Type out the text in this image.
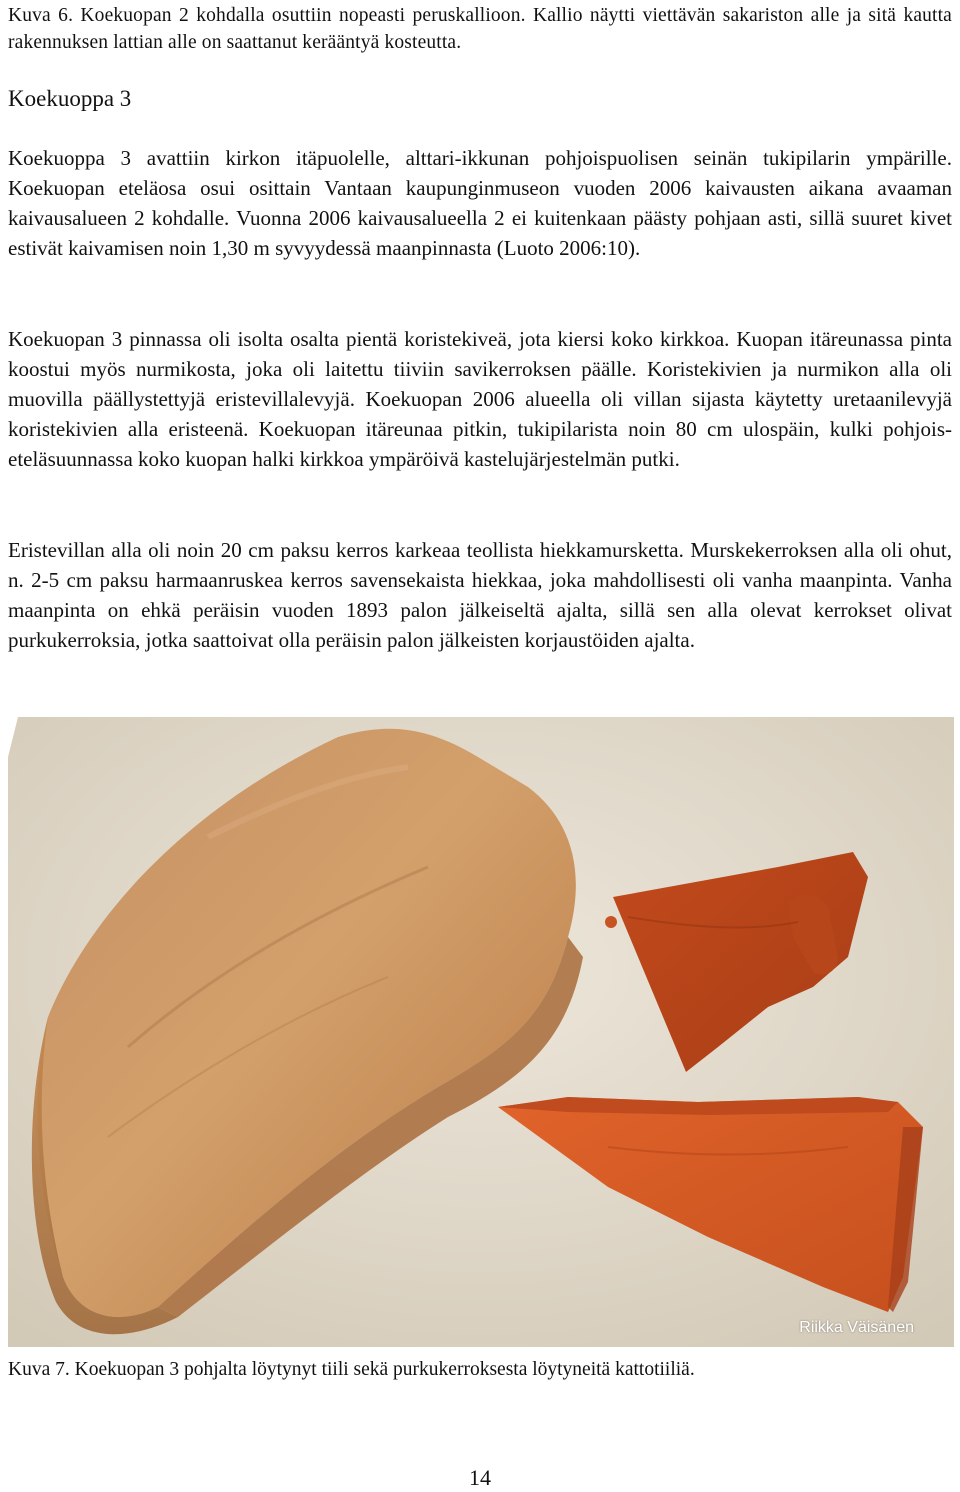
Kuva 6. Koekuopan 2 kohdalla osuttiin nopeasti peruskallioon. Kallio näytti viettävän sakariston alle ja sitä kautta rakennuksen lattian alle on saattanut kerääntyä kosteutta.

Koekuoppa 3

Koekuoppa 3 avattiin kirkon itäpuolelle, alttari-ikkunan pohjoispuolisen seinän tukipilarin ympärille. Koekuopan eteläosa osui osittain Vantaan kaupunginmuseon vuoden 2006 kaivausten aikana avaaman kaivausalueen 2 kohdalle. Vuonna 2006 kaivausalueella 2 ei kuitenkaan päästy pohjaan asti, sillä suuret kivet estivät kaivamisen noin 1,30 m syvyydessä maanpinnasta (Luoto 2006:10).

Koekuopan 3 pinnassa oli isolta osalta pientä koristekiveä, jota kiersi koko kirkkoa. Kuopan itäreunassa pinta koostui myös nurmikosta, joka oli laitettu tiiviin savikerroksen päälle. Koristekivien ja nurmikon alla oli muovilla päällystettyjä eristevillalevyjä. Koekuopan 2006 alueella oli villan sijasta käytetty uretaanilevyjä koristekivien alla eristeenä. Koekuopan itäreunaa pitkin, tukipilarista noin 80 cm ulospäin, kulki pohjois-eteläsuunnassa koko kuopan halki kirkkoa ympäröivä kastelujärjestelmän putki.

Eristevillan alla oli noin 20 cm paksu kerros karkeaa teollista hiekkamursketta. Murskekerroksen alla oli ohut, n. 2-5 cm paksu harmaanruskea kerros savensekaista hiekkaa, joka mahdollisesti oli vanha maanpinta. Vanha maanpinta on ehkä peräisin vuoden 1893 palon jälkeiseltä ajalta, sillä sen alla olevat kerrokset olivat purkukerroksia, jotka saattoivat olla peräisin palon jälkeisten korjaustöiden ajalta.

Riikka Väisänen

Kuva 7. Koekuopan 3 pohjalta löytynyt tiili sekä purkukerroksesta löytyneitä kattotiiliä.

14
